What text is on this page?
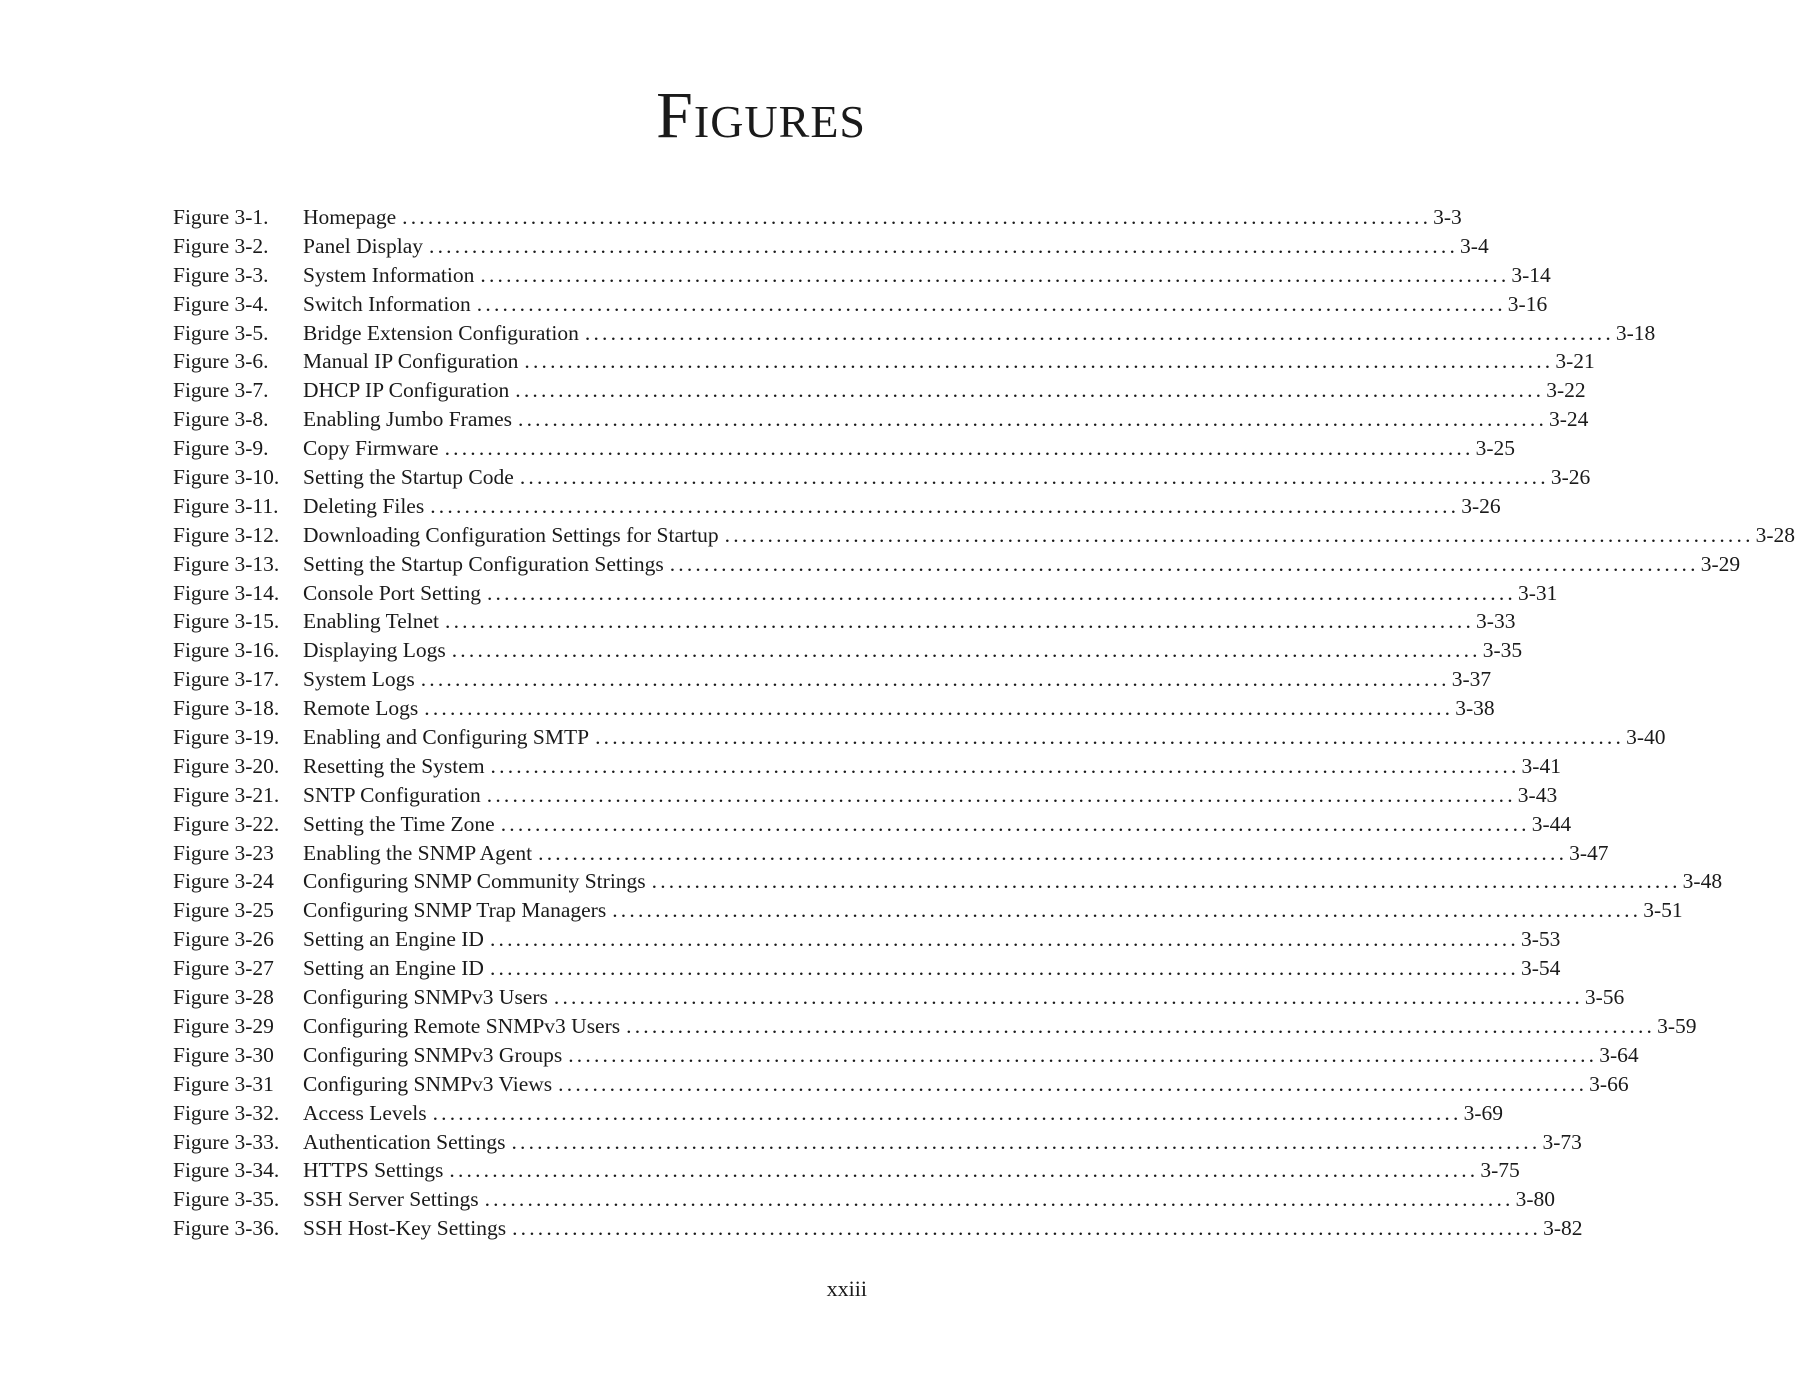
Figures
Figure 3-1.	Homepage ........................................................................................................................ 3-3
Figure 3-2.	Panel Display ........................................................................................................................ 3-4
Figure 3-3.	System Information ........................................................................................................................ 3-14
Figure 3-4.	Switch Information ........................................................................................................................ 3-16
Figure 3-5.	Bridge Extension Configuration ........................................................................................................................ 3-18
Figure 3-6.	Manual IP Configuration ........................................................................................................................ 3-21
Figure 3-7.	DHCP IP Configuration ........................................................................................................................ 3-22
Figure 3-8.	Enabling Jumbo Frames ........................................................................................................................ 3-24
Figure 3-9.	Copy Firmware ........................................................................................................................ 3-25
Figure 3-10.	Setting the Startup Code ........................................................................................................................ 3-26
Figure 3-11.	Deleting Files ........................................................................................................................ 3-26
Figure 3-12.	Downloading Configuration Settings for Startup ........................................................................................................................ 3-28
Figure 3-13.	Setting the Startup Configuration Settings ........................................................................................................................ 3-29
Figure 3-14.	Console Port Setting ........................................................................................................................ 3-31
Figure 3-15.	Enabling Telnet ........................................................................................................................ 3-33
Figure 3-16.	Displaying Logs ........................................................................................................................ 3-35
Figure 3-17.	System Logs ........................................................................................................................ 3-37
Figure 3-18.	Remote Logs ........................................................................................................................ 3-38
Figure 3-19.	Enabling and Configuring SMTP ........................................................................................................................ 3-40
Figure 3-20.	Resetting the System ........................................................................................................................ 3-41
Figure 3-21.	SNTP Configuration ........................................................................................................................ 3-43
Figure 3-22.	Setting the Time Zone ........................................................................................................................ 3-44
Figure 3-23	Enabling the SNMP Agent ........................................................................................................................ 3-47
Figure 3-24	Configuring SNMP Community Strings ........................................................................................................................ 3-48
Figure 3-25	Configuring SNMP Trap Managers ........................................................................................................................ 3-51
Figure 3-26	Setting an Engine ID ........................................................................................................................ 3-53
Figure 3-27	Setting an Engine ID ........................................................................................................................ 3-54
Figure 3-28	Configuring SNMPv3 Users ........................................................................................................................ 3-56
Figure 3-29	Configuring Remote SNMPv3 Users ........................................................................................................................ 3-59
Figure 3-30	Configuring SNMPv3 Groups ........................................................................................................................ 3-64
Figure 3-31	Configuring SNMPv3 Views ........................................................................................................................ 3-66
Figure 3-32.	Access Levels ........................................................................................................................ 3-69
Figure 3-33.	Authentication Settings ........................................................................................................................ 3-73
Figure 3-34.	HTTPS Settings ........................................................................................................................ 3-75
Figure 3-35.	SSH Server Settings ........................................................................................................................ 3-80
Figure 3-36.	SSH Host-Key Settings ........................................................................................................................ 3-82
xxiii
